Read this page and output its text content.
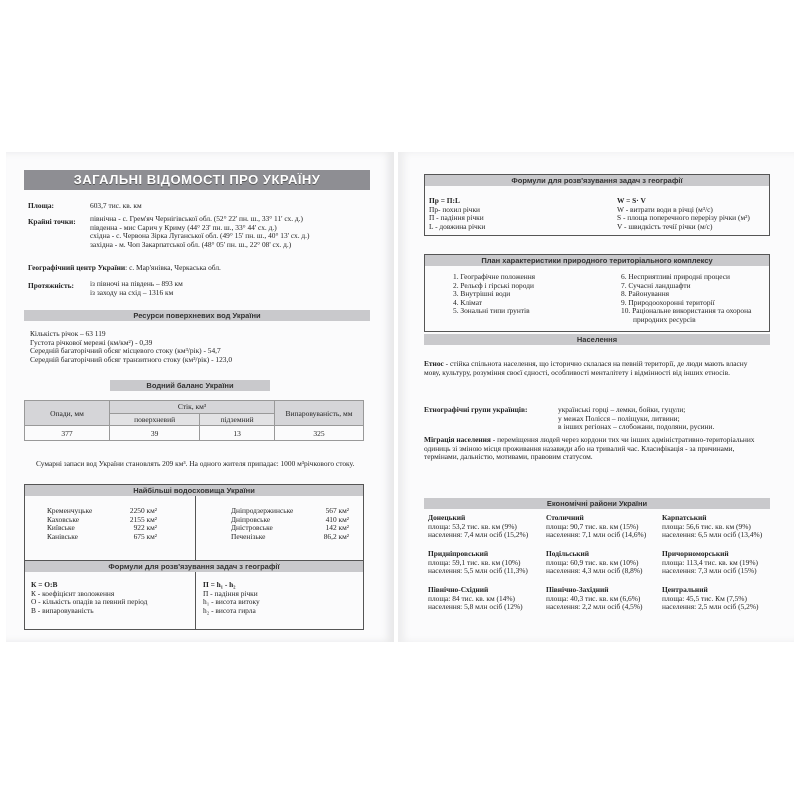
ЗАГАЛЬНІ ВІДОМОСТІ ПРО УКРАЇНУ
Площа:	603,7 тис. кв. км
Крайні точки: північна - с. Грем'яч Чернігівської обл. (52° 22' пн. ш., 33° 11' сх. д.)
південна - мис Сарич у Криму (44° 23' пн. ш., 33° 44' сх. д.)
східна - с. Червона Зірка Луганської обл. (49° 15' пн. ш., 40° 13' сх. д.)
західна - м. Чоп Закарпатської обл. (48° 05' пн. ш., 22° 08' сх. д.)
Географічний центр України: с. Мар'янівка, Черкаська обл.
Протяжність: із півночі на південь – 893 км
із заходу на схід – 1316 км
Ресурси поверхневих вод України
Кількість річок – 63 119
Густота річкової мережі (км/км²) - 0,39
Середній багаторічний обсяг місцевого стоку (км³/рік) - 54,7
Середній багаторічний обсяг транзитного стоку (км³/рік) - 123,0
Водний баланс України
Опади, мм	Стік, км³		Випаровуваність, мм
	поверхневий	підземний	
377	39	13	325
Сумарні запаси вод України становлять 209 км³. На одного жителя припадає: 1000 м³річкового стоку.
Найбільші водосховища України
Кременчуцьке	2250 км²
Каховське	2155 км²
Київське	922 км²
Канівське	675 км²
Дніпродзержинське	567 км²
Дніпровське	410 км²
Дністровське	142 км²
Печенізьке	86,2 км²
Формули для розв'язування задач з географії
К = О:В
К - коефіцієнт зволоження
О - кількість опадів за певний період
В - випаровуваність
П = h₁ - h₂
П - падіння річки
h₁ - висота витоку
h₂ - висота гирла
Формули для розв'язування задач з географії
Пр = П:L
Пр- похил річки
П - падіння річки
L - довжина річки
W = S· V
W - витрати води в річці (м³/с)
S - площа поперечного перерізу річки (м²)
V - швидкість течії річки (м/с)
План характеристики природного територіального комплексу
1. Географічне положення
2. Рельєф і гірські породи
3. Внутрішні води
4. Клімат
5. Зональні типи ґрунтів
6. Несприятливі природні процеси
7. Сучасні ландшафти
8. Районування
9. Природоохоронні території
10. Раціональне використання та охорона
природних ресурсів
Населення
Етнос - стійка спільнота населення, що історично склалася на певній території, де люди мають власну мову, культуру, розуміння своєї єдності, особливості менталітету і відмінності від інших етносів.
Етнографічні групи українців:	українські горці – лемки, бойки, гуцули;
у межах Полісся – поліщуки, литвини;
в інших регіонах – слобожани, подоляни, русини.
Міграція населення - переміщення людей через кордони тих чи інших адміністративно-територіальних одиниць зі зміною місця проживання назавжди або на тривалий час. Класифікація - за причинами, термінами, дальністю, мотивами, правовим статусом.
Економічні райони України
Донецький
площа: 53,2 тис. кв. км (9%)
населення: 7,4 млн осіб (15,2%)
Столичний
площа: 90,7 тис. кв. км (15%)
населення: 7,1 млн осіб (14,6%)
Карпатський
площа: 56,6 тис. кв. км (9%)
населення: 6,5 млн осіб (13,4%)
Придніпровський
площа: 59,1 тис. кв. км (10%)
населення: 5,5 млн осіб (11,3%)
Подільський
площа: 60,9 тис. кв. км (10%)
населення: 4,3 млн осіб (8,8%)
Причорноморський
площа: 113,4 тис. кв. км (19%)
населення: 7,3 млн осіб (15%)
Північно-Східний
площа: 84 тис. кв. км (14%)
населення: 5,8 млн осіб (12%)
Північно-Західний
площа: 40,3 тис. кв. км (6,6%)
населення: 2,2 млн осіб (4,5%)
Центральний
площа: 45,5 тис. Км (7,5%)
населення: 2,5 млн осіб (5,2%)
